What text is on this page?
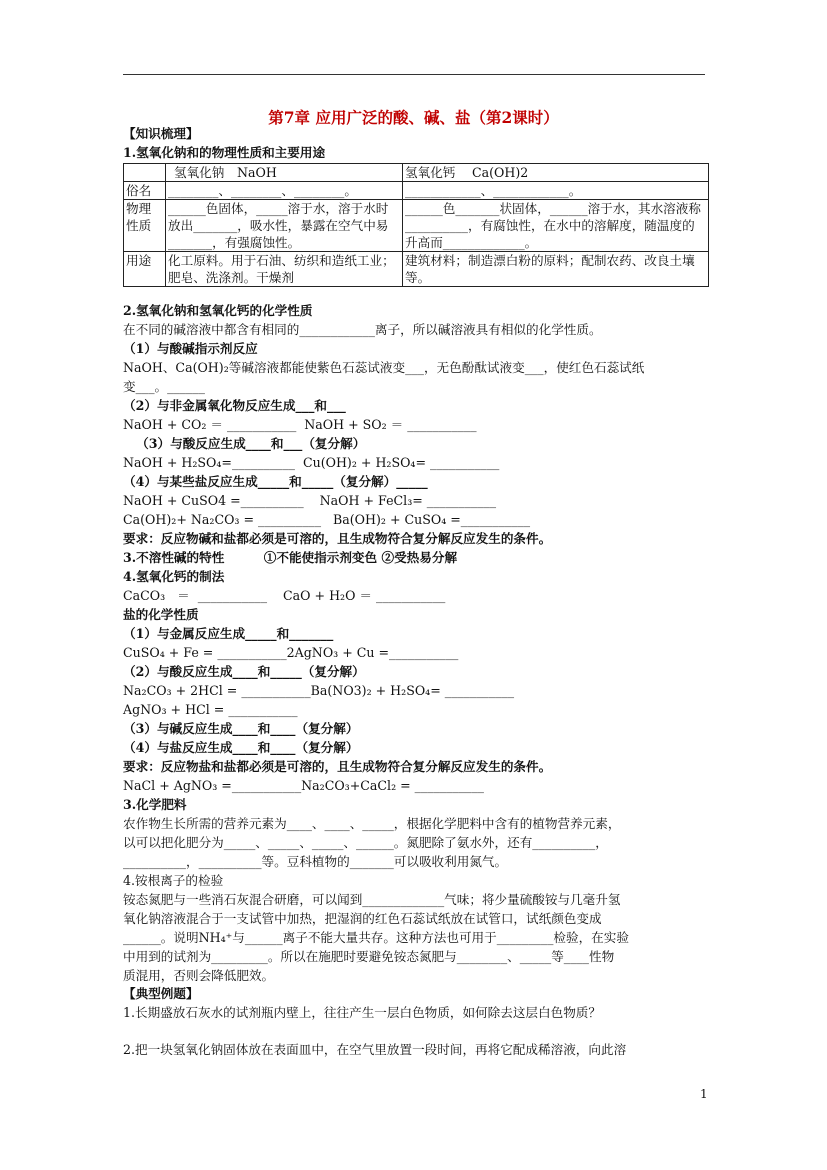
第7章 应用广泛的酸、碱、盐（第2课时）
【知识梳理】
1.氢氧化钠和的物理性质和主要用途
	氢氧化钠　NaOH	氢氧化钙　 Ca(OH)2
俗名	________、________、________。	____________、____________。
物理性质	______色固体，_____溶于水，溶于水时放出_______，吸水性，暴露在空气中易_______，有强腐蚀性。	______色_______状固体，______溶于水，其水溶液称__________，有腐蚀性，在水中的溶解度，随温度的升高而_____________。
用途	化工原料。用于石油、纺织和造纸工业；肥皂、洗涤剂。干燥剂	建筑材料；制造漂白粉的原料；配制农药、改良土壤等。
2.氢氧化钠和氢氧化钙的化学性质
在不同的碱溶液中都含有相同的____________离子，所以碱溶液具有相似的化学性质。
（1）与酸碱指示剂反应
NaOH、Ca(OH)₂等碱溶液都能使紫色石蕊试液变___，无色酚酞试液变___，使红色石蕊试纸
变___。______
（2）与非金属氧化物反应生成___和___
NaOH + CO₂ ＝ ___________  NaOH + SO₂ ＝ ___________
（3）与酸反应生成____和___（复分解）
NaOH + H₂SO₄=__________  Cu(OH)₂ + H₂SO₄= ___________
（4）与某些盐反应生成_____和_____（复分解）_____
NaOH + CuSO4 =__________    NaOH + FeCl₃= ___________
Ca(OH)₂+ Na₂CO₃ = __________   Ba(OH)₂ + CuSO₄ =___________
要求：反应物碱和盐都必须是可溶的，且生成物符合复分解反应发生的条件。
3.不溶性碱的特性         ①不能使指示剂变色 ②受热易分解
4.氢氧化钙的制法
CaCO₃   ＝  ___________    CaO + H₂O ＝ ___________
盐的化学性质
（1）与金属反应生成_____和_______
CuSO₄ + Fe = ___________2AgNO₃ + Cu =___________
（2）与酸反应生成____和_____（复分解）
Na₂CO₃ + 2HCl = ___________Ba(NO3)₂ + H₂SO₄= ___________
AgNO₃ + HCl = ___________
（3）与碱反应生成____和____（复分解）
（4）与盐反应生成____和____（复分解）
要求：反应物盐和盐都必须是可溶的，且生成物符合复分解反应发生的条件。
NaCl + AgNO₃ =___________Na₂CO₃+CaCl₂ = ___________
3.化学肥料
农作物生长所需的营养元素为____、____、_____，根据化学肥料中含有的植物营养元素，
以可以把化肥分为_____、_____、_____、______。氮肥除了氨水外，还有__________，
__________，__________等。豆科植物的_______可以吸收利用氮气。
4.铵根离子的检验
铵态氮肥与一些消石灰混合研磨，可以闻到_____________气味；将少量硫酸铵与几毫升氢
氧化钠溶液混合于一支试管中加热，把湿润的红色石蕊试纸放在试管口，试纸颜色变成
______。说明NH₄⁺与______离子不能大量共存。这种方法也可用于_________检验，在实验
中用到的试剂为_________。所以在施肥时要避免铵态氮肥与________、_____等____性物
质混用，否则会降低肥效。
【典型例题】
1.长期盛放石灰水的试剂瓶内壁上，往往产生一层白色物质，如何除去这层白色物质？
2.把一块氢氧化钠固体放在表面皿中，在空气里放置一段时间，再将它配成稀溶液，向此溶
1
